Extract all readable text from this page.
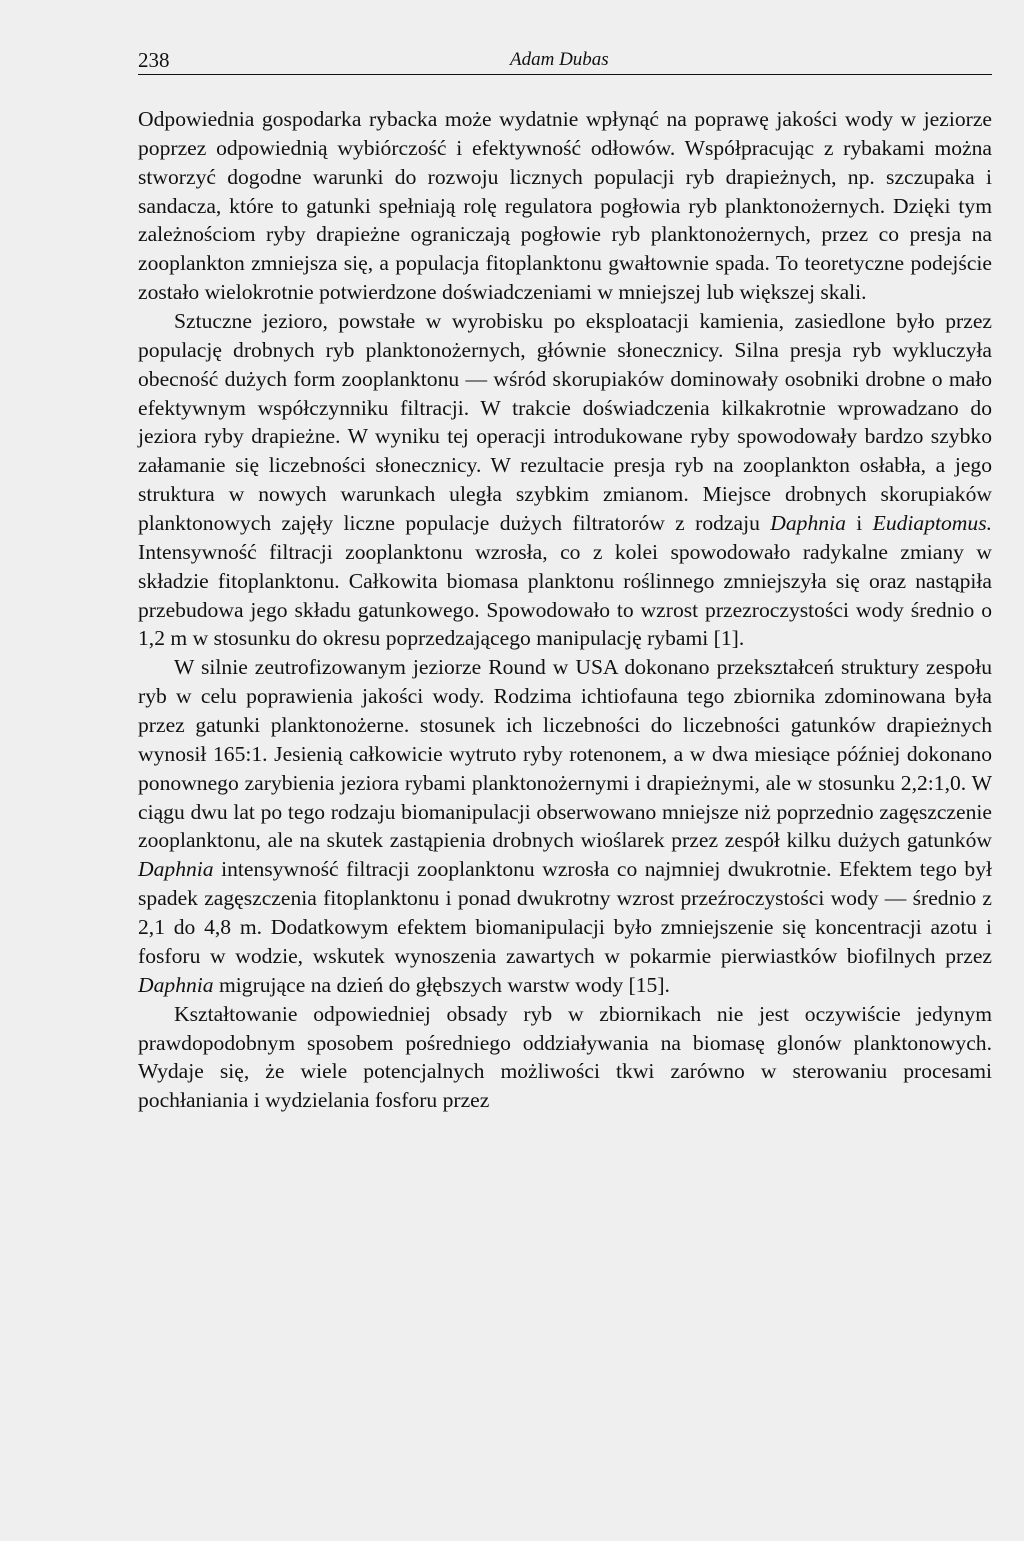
238	Adam Dubas

Odpowiednia gospodarka rybacka może wydatnie wpłynąć na poprawę jakości wody w jeziorze poprzez odpowiednią wybiórczość i efektywność odłowów. Współpracując z rybakami można stworzyć dogodne warunki do rozwoju licznych populacji ryb drapieżnych, np. szczupaka i sandacza, które to gatunki spełniają rolę regulatora pogłowia ryb planktonożernych. Dzięki tym zależnościom ryby drapieżne ograniczają pogłowie ryb planktonożernych, przez co presja na zooplankton zmniejsza się, a populacja fitoplanktonu gwałtownie spada. To teoretyczne podejście zostało wielokrotnie potwierdzone doświadczeniami w mniejszej lub większej skali.

Sztuczne jezioro, powstałe w wyrobisku po eksploatacji kamienia, zasiedlone było przez populację drobnych ryb planktonożernych, głównie słonecznicy. Silna presja ryb wykluczyła obecność dużych form zooplanktonu — wśród skorupiaków dominowały osobniki drobne o mało efektywnym współczynniku filtracji. W trakcie doświadczenia kilkakrotnie wprowadzano do jeziora ryby drapieżne. W wyniku tej operacji introdukowane ryby spowodowały bardzo szybko załamanie się liczebności słonecznicy. W rezultacie presja ryb na zooplankton osłabła, a jego struktura w nowych warunkach uległa szybkim zmianom. Miejsce drobnych skorupiaków planktonowych zajęły liczne populacje dużych filtratorów z rodzaju Daphnia i Eudiaptomus. Intensywność filtracji zooplanktonu wzrosła, co z kolei spowodowało radykalne zmiany w składzie fitoplanktonu. Całkowita biomasa planktonu roślinnego zmniejszyła się oraz nastąpiła przebudowa jego składu gatunkowego. Spowodowało to wzrost przezroczystości wody średnio o 1,2 m w stosunku do okresu poprzedzającego manipulację rybami [1].

W silnie zeutrofizowanym jeziorze Round w USA dokonano przekształceń struktury zespołu ryb w celu poprawienia jakości wody. Rodzima ichtiofauna tego zbiornika zdominowana była przez gatunki planktonożerne. stosunek ich liczebności do liczebności gatunków drapieżnych wynosił 165:1. Jesienią całkowicie wytruto ryby rotenonem, a w dwa miesiące później dokonano ponownego zarybienia jeziora rybami planktonożernymi i drapieżnymi, ale w stosunku 2,2:1,0. W ciągu dwu lat po tego rodzaju biomanipulacji obserwowano mniejsze niż poprzednio zagęszczenie zooplanktonu, ale na skutek zastąpienia drobnych wioślarek przez zespół kilku dużych gatunków Daphnia intensywność filtracji zooplanktonu wzrosła co najmniej dwukrotnie. Efektem tego był spadek zagęszczenia fitoplanktonu i ponad dwukrotny wzrost przeźroczystości wody — średnio z 2,1 do 4,8 m. Dodatkowym efektem biomanipulacji było zmniejszenie się koncentracji azotu i fosforu w wodzie, wskutek wynoszenia zawartych w pokarmie pierwiastków biofilnych przez Daphnia migrujące na dzień do głębszych warstw wody [15].

Kształtowanie odpowiedniej obsady ryb w zbiornikach nie jest oczywiście jedynym prawdopodobnym sposobem pośredniego oddziaływania na biomasę glonów planktonowych. Wydaje się, że wiele potencjalnych możliwości tkwi zarówno w sterowaniu procesami pochłaniania i wydzielania fosforu przez
